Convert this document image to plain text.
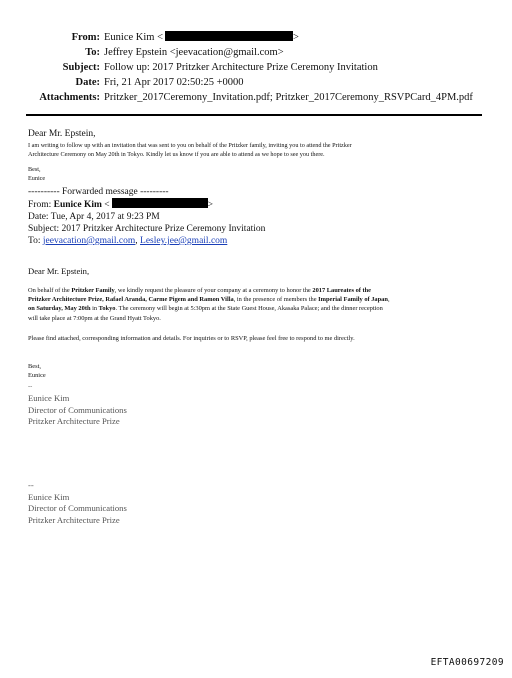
From: Eunice Kim <	>
To: Jeffrey Epstein <jeevacation@gmail.com>
Subject: Follow up: 2017 Pritzker Architecture Prize Ceremony Invitation
Date: Fri, 21 Apr 2017 02:50:25 +0000
Attachments: Pritzker_2017Ceremony_Invitation.pdf; Pritzker_2017Ceremony_RSVPCard_4PM.pdf
Dear Mr. Epstein,
I am writing to follow up with an invitation that was sent to you on behalf of the Pritzker family, inviting you to attend the Pritzker
Architecture Ceremony on May 20th in Tokyo. Kindly let us know if you are able to attend as we hope to see you there.
Best,
Eunice
---------- Forwarded message ---------
From: Eunice Kim <	>
Date: Tue, Apr 4, 2017 at 9:23 PM
Subject: 2017 Pritzker Architecture Prize Ceremony Invitation
To: jeevacation@gmail.com, Lesley.jee@gmail.com
Dear Mr. Epstein,
On behalf of the Pritzker Family, we kindly request the pleasure of your company at a ceremony to honor the 2017 Laureates of the
Pritzker Architecture Prize, Rafael Aranda, Carme Pigem and Ramon Villa, in the presence of members the Imperial Family of Japan,
on Saturday, May 20th in Tokyo. The ceremony will begin at 5:30pm at the State Guest House, Akasaka Palace; and the dinner reception
will take place at 7:00pm at the Grand Hyatt Tokyo.
Please find attached, corresponding information and details. For inquiries or to RSVP, please feel free to respond to me directly.
Best,
Eunice
--
Eunice Kim
Director of Communications
Pritzker Architecture Prize
--
Eunice Kim
Director of Communications
Pritzker Architecture Prize
EFTA00697209
